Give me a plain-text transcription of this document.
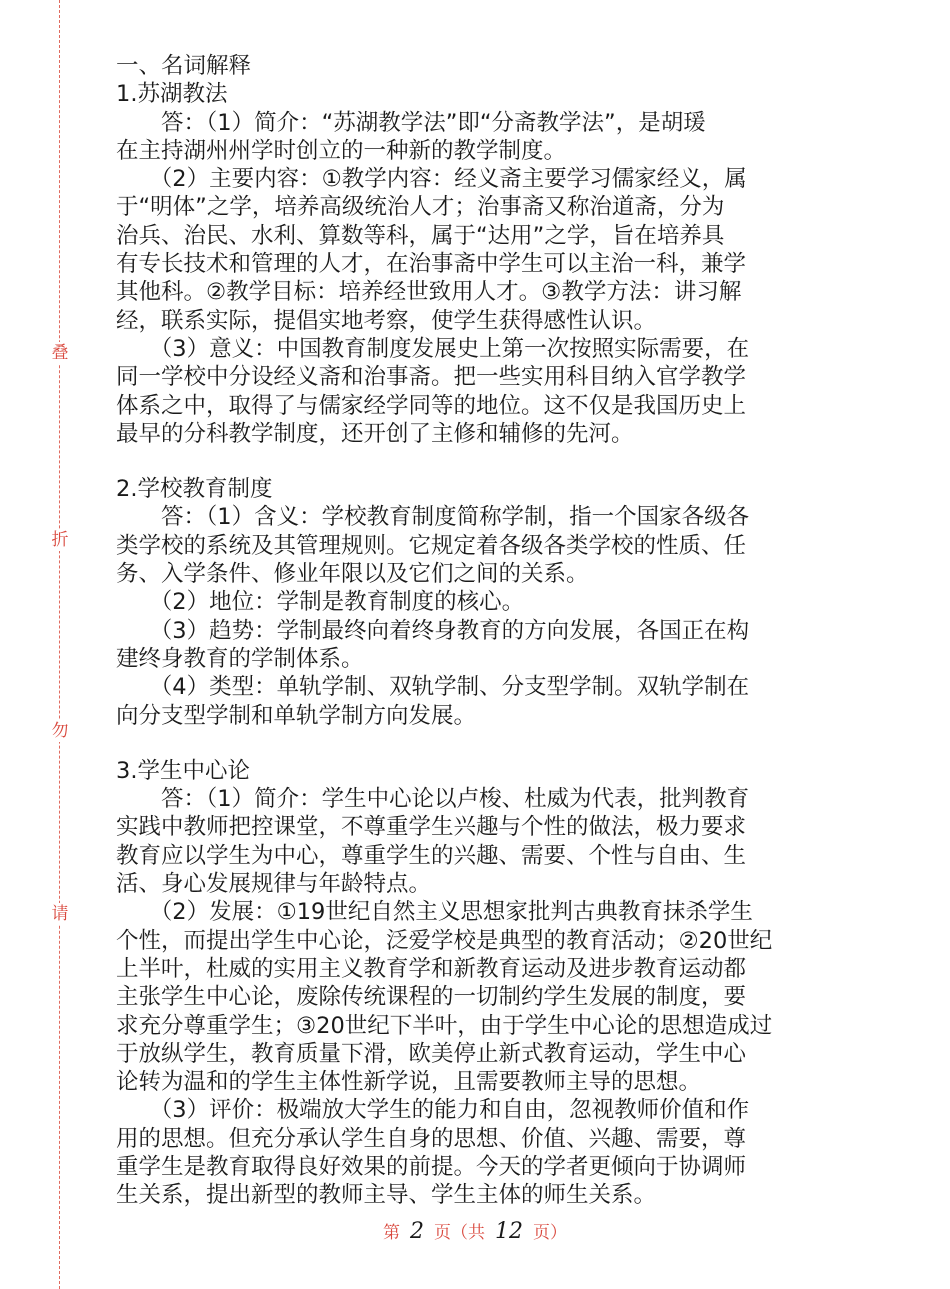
叠
折
勿
请
一、名词解释
1.苏湖教法
　　答：（1）简介：“苏湖教学法”即“分斋教学法”，是胡瑗
在主持湖州州学时创立的一种新的教学制度。
　　（2）主要内容：①教学内容：经义斋主要学习儒家经义，属
于“明体”之学，培养高级统治人才；治事斋又称治道斋，分为
治兵、治民、水利、算数等科，属于“达用”之学，旨在培养具
有专长技术和管理的人才，在治事斋中学生可以主治一科，兼学
其他科。②教学目标：培养经世致用人才。③教学方法：讲习解
经，联系实际，提倡实地考察，使学生获得感性认识。
　　（3）意义：中国教育制度发展史上第一次按照实际需要，在
同一学校中分设经义斋和治事斋。把一些实用科目纳入官学教学
体系之中，取得了与儒家经学同等的地位。这不仅是我国历史上
最早的分科教学制度，还开创了主修和辅修的先河。
2.学校教育制度
　　答：（1）含义：学校教育制度简称学制，指一个国家各级各
类学校的系统及其管理规则。它规定着各级各类学校的性质、任
务、入学条件、修业年限以及它们之间的关系。
　　（2）地位：学制是教育制度的核心。
　　（3）趋势：学制最终向着终身教育的方向发展，各国正在构
建终身教育的学制体系。
　　（4）类型：单轨学制、双轨学制、分支型学制。双轨学制在
向分支型学制和单轨学制方向发展。
3.学生中心论
　　答：（1）简介：学生中心论以卢梭、杜威为代表，批判教育
实践中教师把控课堂，不尊重学生兴趣与个性的做法，极力要求
教育应以学生为中心，尊重学生的兴趣、需要、个性与自由、生
活、身心发展规律与年龄特点。
　　（2）发展：①19世纪自然主义思想家批判古典教育抹杀学生
个性，而提出学生中心论，泛爱学校是典型的教育活动；②20世纪
上半叶，杜威的实用主义教育学和新教育运动及进步教育运动都
主张学生中心论，废除传统课程的一切制约学生发展的制度，要
求充分尊重学生；③20世纪下半叶，由于学生中心论的思想造成过
于放纵学生，教育质量下滑，欧美停止新式教育运动，学生中心
论转为温和的学生主体性新学说，且需要教师主导的思想。
　　（3）评价：极端放大学生的能力和自由，忽视教师价值和作
用的思想。但充分承认学生自身的思想、价值、兴趣、需要，尊
重学生是教育取得良好效果的前提。今天的学者更倾向于协调师
生关系，提出新型的教师主导、学生主体的师生关系。
第 2 页（共 12 页）
